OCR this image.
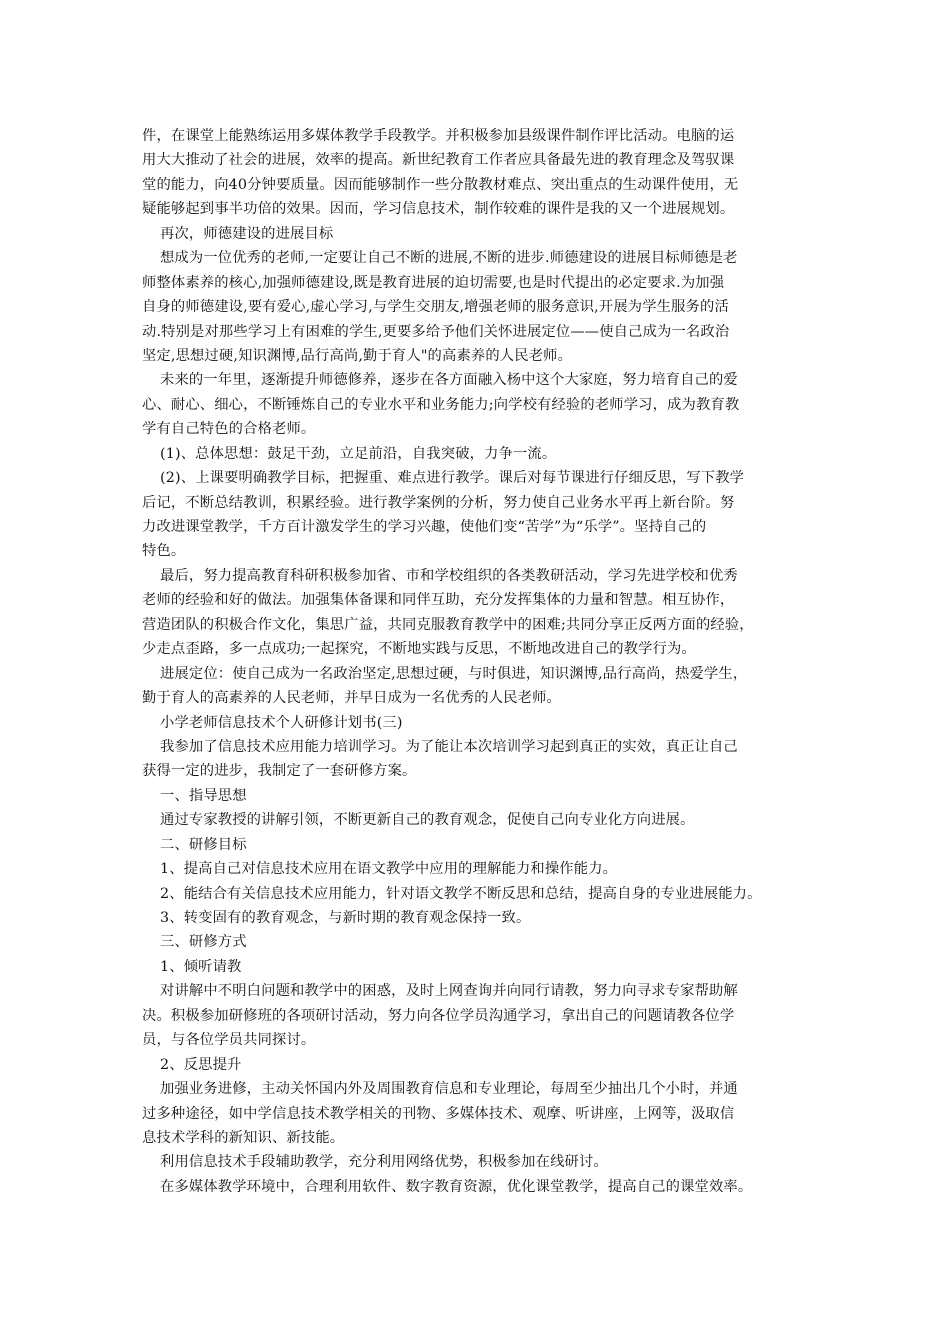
件，在课堂上能熟练运用多媒体教学手段教学。并积极参加县级课件制作评比活动。电脑的运
用大大推动了社会的进展，效率的提高。新世纪教育工作者应具备最先进的教育理念及驾驭课
堂的能力，向40分钟要质量。因而能够制作一些分散教材难点、突出重点的生动课件使用，无
疑能够起到事半功倍的效果。因而，学习信息技术，制作较难的课件是我的又一个进展规划。
再次，师德建设的进展目标
想成为一位优秀的老师,一定要让自己不断的进展,不断的进步.师德建设的进展目标师德是老
师整体素养的核心,加强师德建设,既是教育进展的迫切需要,也是时代提出的必定要求.为加强
自身的师德建设,要有爱心,虚心学习,与学生交朋友,增强老师的服务意识,开展为学生服务的活
动.特别是对那些学习上有困难的学生,更要多给予他们关怀进展定位——使自己成为一名政治
坚定,思想过硬,知识渊博,品行高尚,勤于育人"的高素养的人民老师。
未来的一年里，逐渐提升师德修养，逐步在各方面融入杨中这个大家庭，努力培育自己的爱
心、耐心、细心，不断锤炼自己的专业水平和业务能力;向学校有经验的老师学习，成为教育教
学有自己特色的合格老师。
(1)、总体思想：鼓足干劲，立足前沿，自我突破，力争一流。
(2)、上课要明确教学目标，把握重、难点进行教学。课后对每节课进行仔细反思，写下教学
后记，不断总结教训，积累经验。进行教学案例的分析，努力使自己业务水平再上新台阶。努
力改进课堂教学，千方百计激发学生的学习兴趣，使他们变“苦学”为“乐学”。坚持自己的
特色。
最后，努力提高教育科研积极参加省、市和学校组织的各类教研活动，学习先进学校和优秀
老师的经验和好的做法。加强集体备课和同伴互助，充分发挥集体的力量和智慧。相互协作，
营造团队的积极合作文化，集思广益，共同克服教育教学中的困难;共同分享正反两方面的经验，
少走点歪路，多一点成功;一起探究，不断地实践与反思，不断地改进自己的教学行为。
进展定位：使自己成为一名政治坚定,思想过硬，与时俱进，知识渊博,品行高尚，热爱学生，
勤于育人的高素养的人民老师，并早日成为一名优秀的人民老师。
小学老师信息技术个人研修计划书(三)
我参加了信息技术应用能力培训学习。为了能让本次培训学习起到真正的实效，真正让自己
获得一定的进步，我制定了一套研修方案。
一、指导思想
通过专家教授的讲解引领，不断更新自己的教育观念，促使自己向专业化方向进展。
二、研修目标
1、提高自己对信息技术应用在语文教学中应用的理解能力和操作能力。
2、能结合有关信息技术应用能力，针对语文教学不断反思和总结，提高自身的专业进展能力。
3、转变固有的教育观念，与新时期的教育观念保持一致。
三、研修方式
1、倾听请教
对讲解中不明白问题和教学中的困惑，及时上网查询并向同行请教，努力向寻求专家帮助解
决。积极参加研修班的各项研讨活动，努力向各位学员沟通学习，拿出自己的问题请教各位学
员，与各位学员共同探讨。
2、反思提升
加强业务进修，主动关怀国内外及周围教育信息和专业理论，每周至少抽出几个小时，并通
过多种途径，如中学信息技术教学相关的刊物、多媒体技术、观摩、听讲座，上网等，汲取信
息技术学科的新知识、新技能。
利用信息技术手段辅助教学，充分利用网络优势，积极参加在线研讨。
在多媒体教学环境中，合理利用软件、数字教育资源，优化课堂教学，提高自己的课堂效率。
